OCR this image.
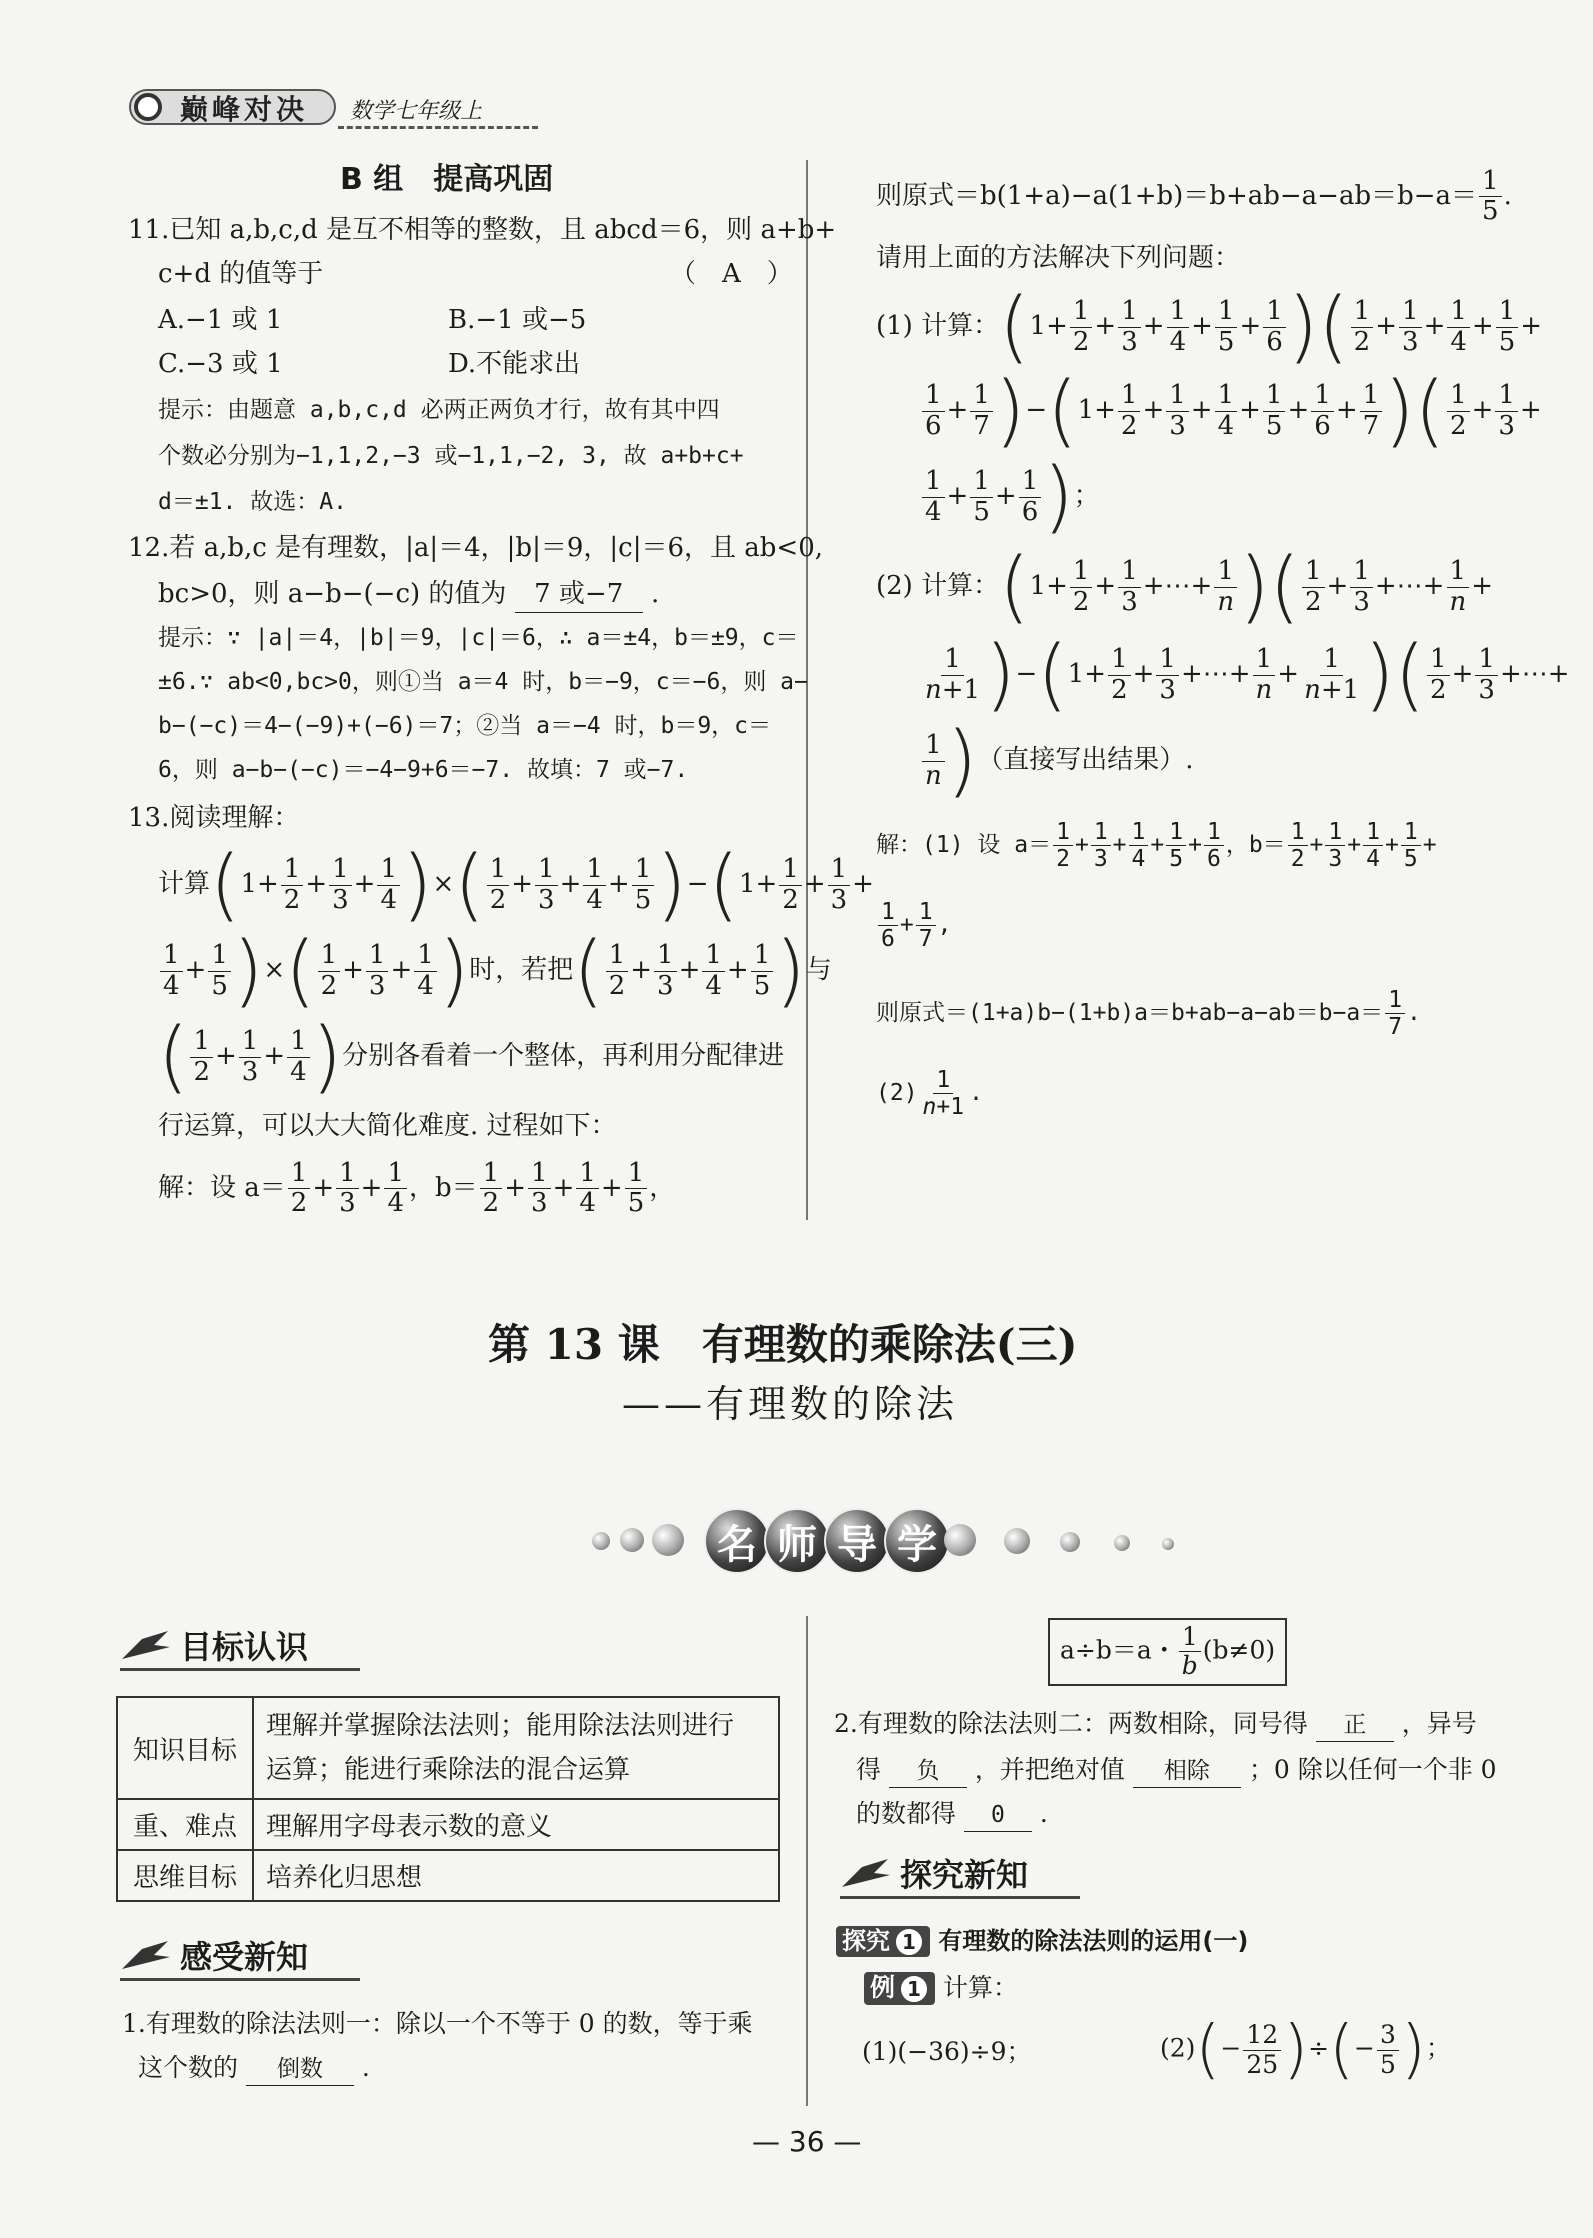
巅峰对决 数学七年级上
B 组　提高巩固
11.已知 a,b,c,d 是互不相等的整数，且 abcd＝6，则 a+b+
c+d 的值等于	（　A　）
A.−1 或 1	B.−1 或−5
C.−3 或 1	D.不能求出
提示：由题意 a,b,c,d 必两正两负才行，故有其中四
个数必分别为−1,1,2,−3 或−1,1,−2, 3, 故 a+b+c+
d＝±1. 故选：A.
12.若 a,b,c 是有理数，|a|＝4，|b|＝9，|c|＝6，且 ab<0,
bc>0，则 a−b−(−c) 的值为 7 或−7 .
提示：∵ |a|＝4，|b|＝9，|c|＝6，∴ a＝±4，b＝±9，c＝
±6.∵ ab<0,bc>0，则①当 a＝4 时，b＝−9，c＝−6，则 a−
b−(−c)＝4−(−9)+(−6)＝7；②当 a＝−4 时，b＝9，c＝
6，则 a−b−(−c)＝−4−9+6＝−7. 故填：7 或−7.
13.阅读理解：
计算($1+ \frac{1}{2} + \frac{1}{3} + \frac{1}{4}$ )×( $\frac{1}{2} + \frac{1}{3} + \frac{1}{4} + \frac{1}{5} )-(1+ \frac{1}{2} + \frac{1}{3}$ +
$\frac{1}{4} + \frac{1}{5}$ )×( $\frac{1}{2} + \frac{1}{3} + \frac{1}{4}$ )时，若把( $\frac{1}{2} + \frac{1}{3} + \frac{1}{4} + \frac{1}{5}$ )与
( $\frac{1}{2} + \frac{1}{3} + \frac{1}{4}$ )分别各看着一个整体，再利用分配律进
行运算，可以大大简化难度. 过程如下：
解：设 $a= \frac{1}{2} + \frac{1}{3} + \frac{1}{4}$ ，$b= \frac{1}{2} + \frac{1}{3} + \frac{1}{4} + \frac{1}{5}$ ，
则原式$=b(1+a)-a(1+b)=b+ab-a-ab=b-a= \frac{1}{5}$ .
请用上面的方法解决下列问题：
(1) 计算：($1+ \frac{1}{2} + \frac{1}{3} + \frac{1}{4} + \frac{1}{5} + \frac{1}{6}$ )( $\frac{1}{2} + \frac{1}{3} + \frac{1}{4} + \frac{1}{5}$ +
$\frac{1}{6} + \frac{1}{7} )-(1+ \frac{1}{2} + \frac{1}{3} + \frac{1}{4} + \frac{1}{5} + \frac{1}{6} + \frac{1}{7}$ )( $\frac{1}{2} + \frac{1}{3}$ +
$\frac{1}{4} + \frac{1}{5} + \frac{1}{6}$ )；
(2) 计算：($1+ \frac{1}{2} + \frac{1}{3}$ +⋯+ $\frac{1}{n}$ )( $\frac{1}{2} + \frac{1}{3}$ +⋯+ $\frac{1}{n}$ +
$\frac{1}{n+1} )-(1+ \frac{1}{2} + \frac{1}{3}$ +⋯+ $\frac{1}{n} + \frac{1}{n+1}$ )( $\frac{1}{2} + \frac{1}{3}$ +⋯+
$\frac{1}{n}$ )（直接写出结果）.
解：(1) 设 $a= \frac{1}{2} + \frac{1}{3} + \frac{1}{4} + \frac{1}{5} + \frac{1}{6}$ ，$b= \frac{1}{2} + \frac{1}{3} + \frac{1}{4} + \frac{1}{5}$ +
$\frac{1}{6} + \frac{1}{7}$ ,
则原式$=(1+a)b-(1+b)a=b+ab-a-ab=b-a= \frac{1}{7}$ .
$(2) \frac{1}{n+1}$ .
第 13 课　有理数的乘除法(三)
——有理数的除法
名 师 导 学
目标认识
知识目标	理解并掌握除法法则；能用除法法则进行
运算；能进行乘除法的混合运算

重、难点	理解用字母表示数的意义
思维目标	培养化归思想
感受新知
1.有理数的除法法则一：除以一个不等于 0 的数，等于乘
这个数的 倒数 .
a÷b＝a・ $\frac{1}{b} (b\ne 0)$
2.有理数的除法法则二：两数相除，同号得 正 ，异号
得 负 ，并把绝对值 相除 ；0 除以任何一个非 0
的数都得 0 .
探究新知
探究 1 有理数的除法法则的运用(一)
例 1 计算：
(1)(−36)÷9；	$(2)(- \frac{12}{25}$ )÷(− $\frac{3}{5}$ )；
— 36 —
